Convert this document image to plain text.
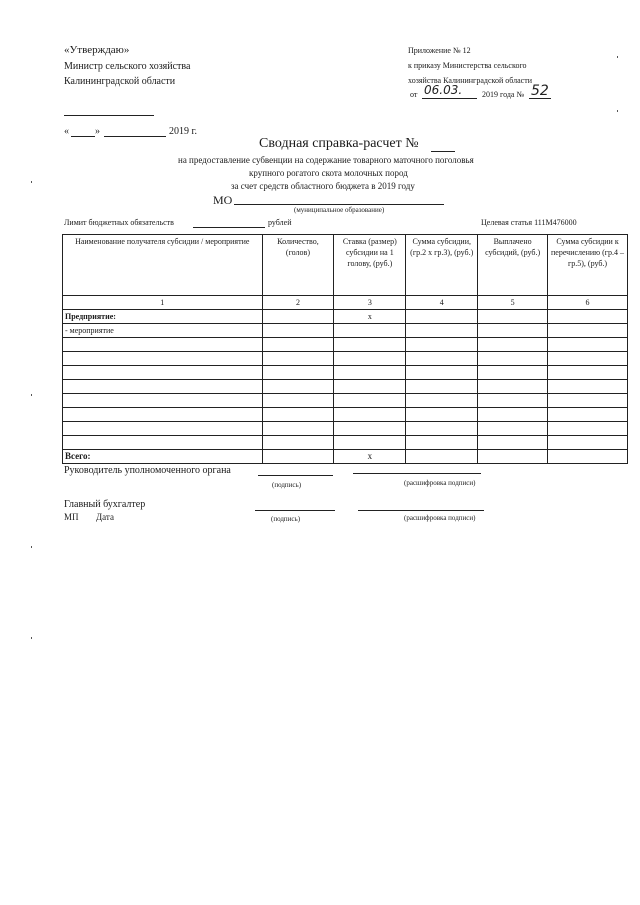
«Утверждаю»
Министр сельского хозяйства
Калининградской области
«	»	2019 г.
Приложение № 12
к приказу Министерства сельского
хозяйства Калининградской области
от 06.03. 2019 года № 52
Сводная справка-расчет №
на предоставление субвенции на содержание товарного маточного поголовья
крупного рогатого скота молочных пород
за счет средств областного бюджета в 2019 году
МО
(муниципальное образование)
Лимит бюджетных обязательств	рублей	Целевая статья 111М476000
Наименование получателя субсидии / мероприятие	Количество, (голов)	Ставка (размер) субсидии на 1 голову, (руб.)	Сумма субсидии, (гр.2 х гр.3), (руб.)	Выплачено субсидий, (руб.)	Сумма субсидии к перечислению (гр.4 – гр.5), (руб.)
1	2	3	4	5	6
Предприятие:		x			
- мероприятие					

Всего:		x			
Руководитель уполномоченного органа
(подпись)	(расшифровка подписи)
Главный бухгалтер
МП Дата	(подпись)	(расшифровка подписи)
